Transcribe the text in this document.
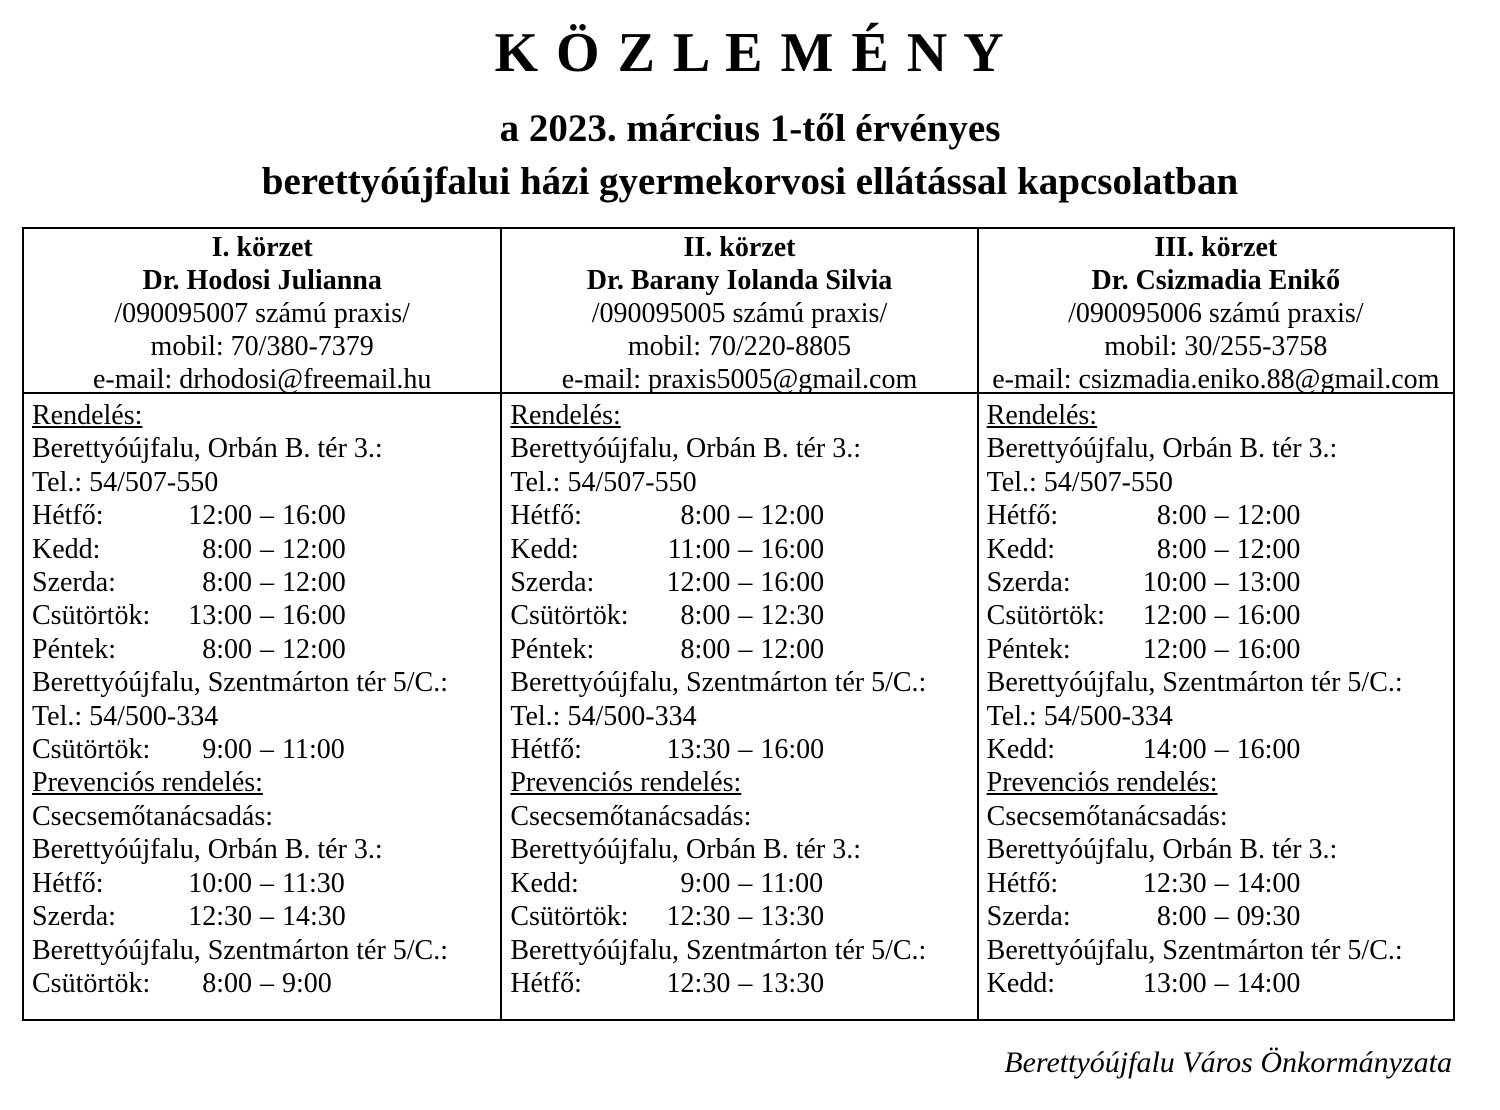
K Ö Z L E M É N Y
a 2023. március 1-től érvényes
berettyóújfalui házi gyermekorvosi ellátással kapcsolatban
I. körzet
Dr. Hodosi Julianna
/090095007 számú praxis/
mobil: 70/380-7379
e-mail: drhodosi@freemail.hu
Rendelés:
Berettyóújfalu, Orbán B. tér 3.:
Tel.: 54/507-550
Hétfő:	12:00 – 16:00
Kedd:	8:00 – 12:00
Szerda:	8:00 – 12:00
Csütörtök:	13:00 – 16:00
Péntek:	8:00 – 12:00
Berettyóújfalu, Szentmárton tér 5/C.:
Tel.: 54/500-334
Csütörtök:	9:00 – 11:00
Prevenciós rendelés:
Csecsemőtanácsadás:
Berettyóújfalu, Orbán B. tér 3.:
Hétfő:	10:00 – 11:30
Szerda:	12:30 – 14:30
Berettyóújfalu, Szentmárton tér 5/C.:
Csütörtök:	8:00 – 9:00
II. körzet
Dr. Barany Iolanda Silvia
/090095005 számú praxis/
mobil: 70/220-8805
e-mail: praxis5005@gmail.com
Rendelés:
Berettyóújfalu, Orbán B. tér 3.:
Tel.: 54/507-550
Hétfő:	8:00 – 12:00
Kedd:	11:00 – 16:00
Szerda:	12:00 – 16:00
Csütörtök:	8:00 – 12:30
Péntek:	8:00 – 12:00
Berettyóújfalu, Szentmárton tér 5/C.:
Tel.: 54/500-334
Hétfő:	13:30 – 16:00
Prevenciós rendelés:
Csecsemőtanácsadás:
Berettyóújfalu, Orbán B. tér 3.:
Kedd:	9:00 – 11:00
Csütörtök:	12:30 – 13:30
Berettyóújfalu, Szentmárton tér 5/C.:
Hétfő:	12:30 – 13:30
III. körzet
Dr. Csizmadia Enikő
/090095006 számú praxis/
mobil: 30/255-3758
e-mail: csizmadia.eniko.88@gmail.com
Rendelés:
Berettyóújfalu, Orbán B. tér 3.:
Tel.: 54/507-550
Hétfő:	8:00 – 12:00
Kedd:	8:00 – 12:00
Szerda:	10:00 – 13:00
Csütörtök:	12:00 – 16:00
Péntek:	12:00 – 16:00
Berettyóújfalu, Szentmárton tér 5/C.:
Tel.: 54/500-334
Kedd:	14:00 – 16:00
Prevenciós rendelés:
Csecsemőtanácsadás:
Berettyóújfalu, Orbán B. tér 3.:
Hétfő:	12:30 – 14:00
Szerda:	8:00 – 09:30
Berettyóújfalu, Szentmárton tér 5/C.:
Kedd:	13:00 – 14:00
Berettyóújfalu Város Önkormányzata
